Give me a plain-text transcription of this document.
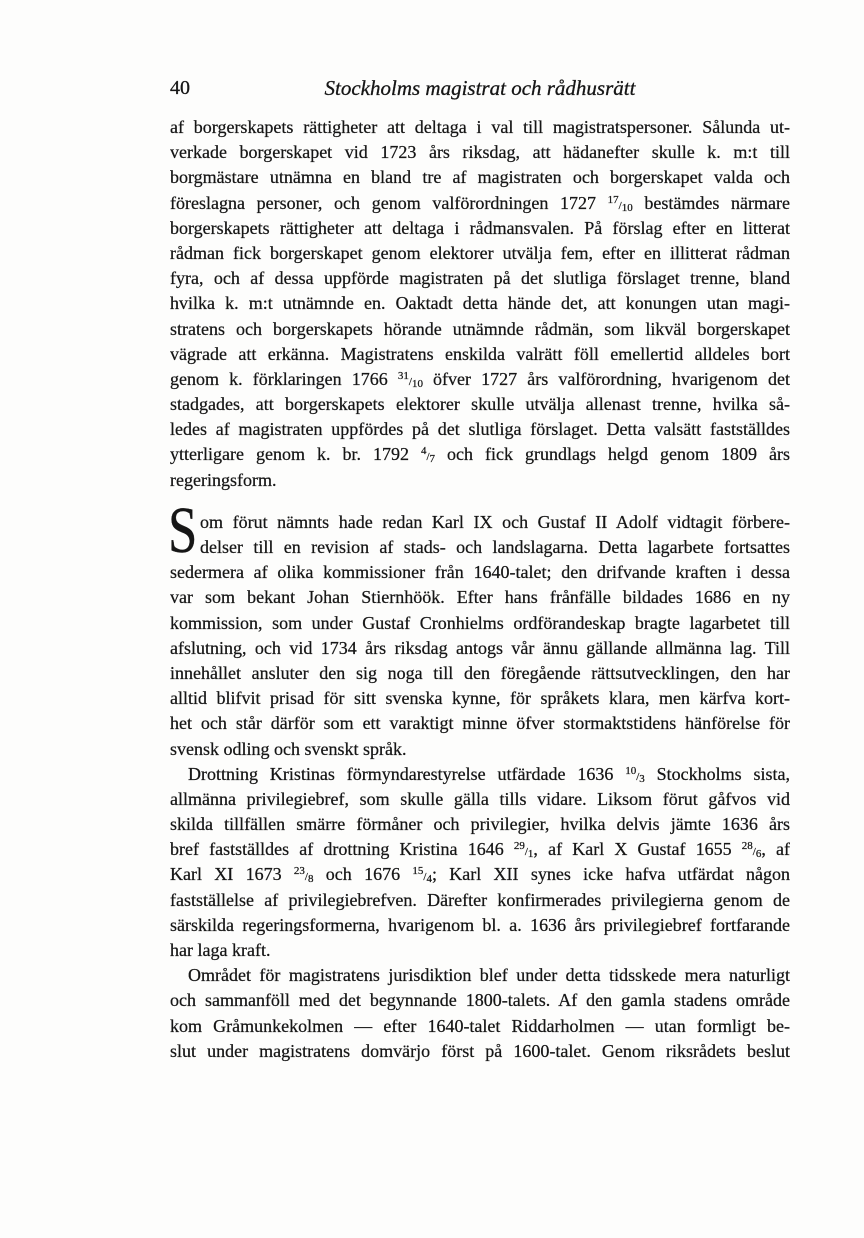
40	Stockholms magistrat och rådhusrätt
af borgerskapets rättigheter att deltaga i val till magistratspersoner. Sålunda ut-
verkade borgerskapet vid 1723 års riksdag, att hädanefter skulle k. m:t till
borgmästare utnämna en bland tre af magistraten och borgerskapet valda och
föreslagna personer, och genom valförordningen 1727 17/10 bestämdes närmare
borgerskapets rättigheter att deltaga i rådmansvalen. På förslag efter en litterat
rådman fick borgerskapet genom elektorer utvälja fem, efter en illitterat rådman
fyra, och af dessa uppförde magistraten på det slutliga förslaget trenne, bland
hvilka k. m:t utnämnde en. Oaktadt detta hände det, att konungen utan magi-
stratens och borgerskapets hörande utnämnde rådmän, som likväl borgerskapet
vägrade att erkänna. Magistratens enskilda valrätt föll emellertid alldeles bort
genom k. förklaringen 1766 31/10 öfver 1727 års valförordning, hvarigenom det
stadgades, att borgerskapets elektorer skulle utvälja allenast trenne, hvilka så-
ledes af magistraten uppfördes på det slutliga förslaget. Detta valsätt fastställdes
ytterligare genom k. br. 1792 4/7 och fick grundlags helgd genom 1809 års
regeringsform.
S om förut nämnts hade redan Karl IX och Gustaf II Adolf vidtagit förbere-
delser till en revision af stads- och landslagarna. Detta lagarbete fortsattes
sedermera af olika kommissioner från 1640-talet; den drifvande kraften i dessa
var som bekant Johan Stiernhöök. Efter hans frånfälle bildades 1686 en ny
kommission, som under Gustaf Cronhielms ordförandeskap bragte lagarbetet till
afslutning, och vid 1734 års riksdag antogs vår ännu gällande allmänna lag. Till
innehållet ansluter den sig noga till den föregående rättsutvecklingen, den har
alltid blifvit prisad för sitt svenska kynne, för språkets klara, men kärfva kort-
het och står därför som ett varaktigt minne öfver stormaktstidens hänförelse för
svensk odling och svenskt språk.
Drottning Kristinas förmyndarestyrelse utfärdade 1636 10/3 Stockholms sista,
allmänna privilegiebref, som skulle gälla tills vidare. Liksom förut gåfvos vid
skilda tillfällen smärre förmåner och privilegier, hvilka delvis jämte 1636 års
bref fastställdes af drottning Kristina 1646 29/1, af Karl X Gustaf 1655 28/6, af
Karl XI 1673 23/8 och 1676 15/4; Karl XII synes icke hafva utfärdat någon
fastställelse af privilegiebrefven. Därefter konfirmerades privilegierna genom de
särskilda regeringsformerna, hvarigenom bl. a. 1636 års privilegiebref fortfarande
har laga kraft.
Området för magistratens jurisdiktion blef under detta tidsskede mera naturligt
och sammanföll med det begynnande 1800-talets. Af den gamla stadens område
kom Gråmunkekolmen — efter 1640-talet Riddarholmen — utan formligt be-
slut under magistratens domvärjo först på 1600-talet. Genom riksrådets beslut
